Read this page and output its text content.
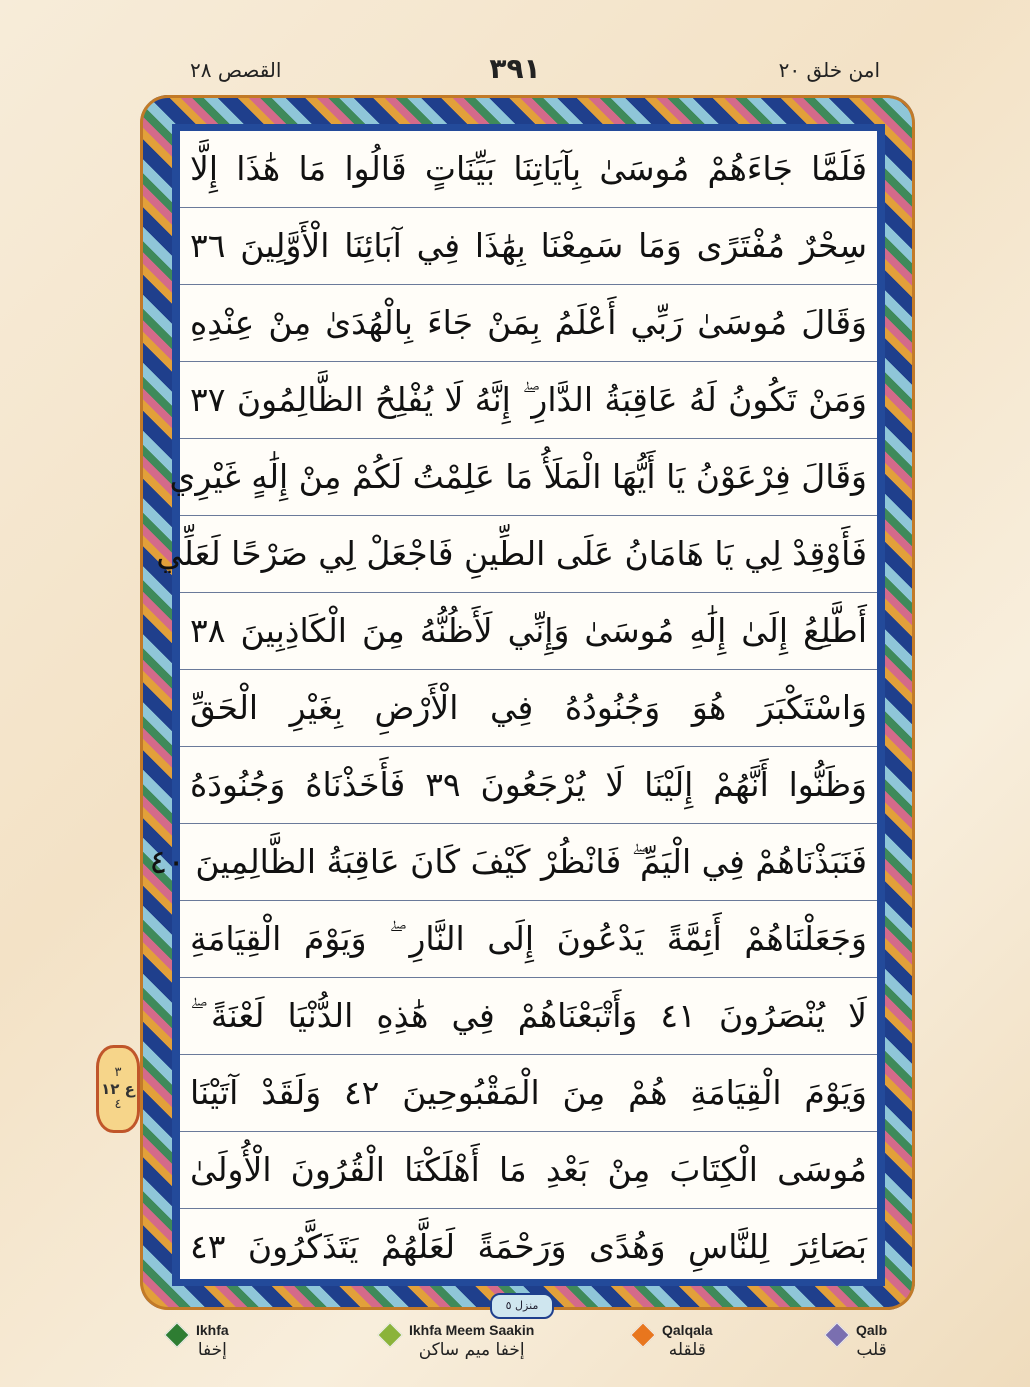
امن خلق ٢٠
٣٩١
القصص ٢٨
فَلَمَّا جَاءَهُمْ مُوسَىٰ بِآيَاتِنَا بَيِّنَاتٍ قَالُوا مَا هَٰذَا إِلَّا
سِحْرٌ مُفْتَرًى وَمَا سَمِعْنَا بِهَٰذَا فِي آبَائِنَا الْأَوَّلِينَ ٣٦
وَقَالَ مُوسَىٰ رَبِّي أَعْلَمُ بِمَنْ جَاءَ بِالْهُدَىٰ مِنْ عِنْدِهِ
وَمَنْ تَكُونُ لَهُ عَاقِبَةُ الدَّارِ ۖ إِنَّهُ لَا يُفْلِحُ الظَّالِمُونَ ٣٧
وَقَالَ فِرْعَوْنُ يَا أَيُّهَا الْمَلَأُ مَا عَلِمْتُ لَكُمْ مِنْ إِلَٰهٍ غَيْرِي
فَأَوْقِدْ لِي يَا هَامَانُ عَلَى الطِّينِ فَاجْعَلْ لِي صَرْحًا لَعَلِّي
أَطَّلِعُ إِلَىٰ إِلَٰهِ مُوسَىٰ وَإِنِّي لَأَظُنُّهُ مِنَ الْكَاذِبِينَ ٣٨
وَاسْتَكْبَرَ هُوَ وَجُنُودُهُ فِي الْأَرْضِ بِغَيْرِ الْحَقِّ
وَظَنُّوا أَنَّهُمْ إِلَيْنَا لَا يُرْجَعُونَ ٣٩ فَأَخَذْنَاهُ وَجُنُودَهُ
فَنَبَذْنَاهُمْ فِي الْيَمِّ ۖ فَانْظُرْ كَيْفَ كَانَ عَاقِبَةُ الظَّالِمِينَ ٤٠
وَجَعَلْنَاهُمْ أَئِمَّةً يَدْعُونَ إِلَى النَّارِ ۖ وَيَوْمَ الْقِيَامَةِ
لَا يُنْصَرُونَ ٤١ وَأَتْبَعْنَاهُمْ فِي هَٰذِهِ الدُّنْيَا لَعْنَةً ۖ
وَيَوْمَ الْقِيَامَةِ هُمْ مِنَ الْمَقْبُوحِينَ ٤٢ وَلَقَدْ آتَيْنَا
مُوسَى الْكِتَابَ مِنْ بَعْدِ مَا أَهْلَكْنَا الْقُرُونَ الْأُولَىٰ
بَصَائِرَ لِلنَّاسِ وَهُدًى وَرَحْمَةً لَعَلَّهُمْ يَتَذَكَّرُونَ ٤٣
٣
ع ١٢
٤
منزل ٥
Ikhfa
إخفا
Ikhfa Meem Saakin
إخفا ميم ساكن
Qalqala
قلقله
Qalb
قلب
